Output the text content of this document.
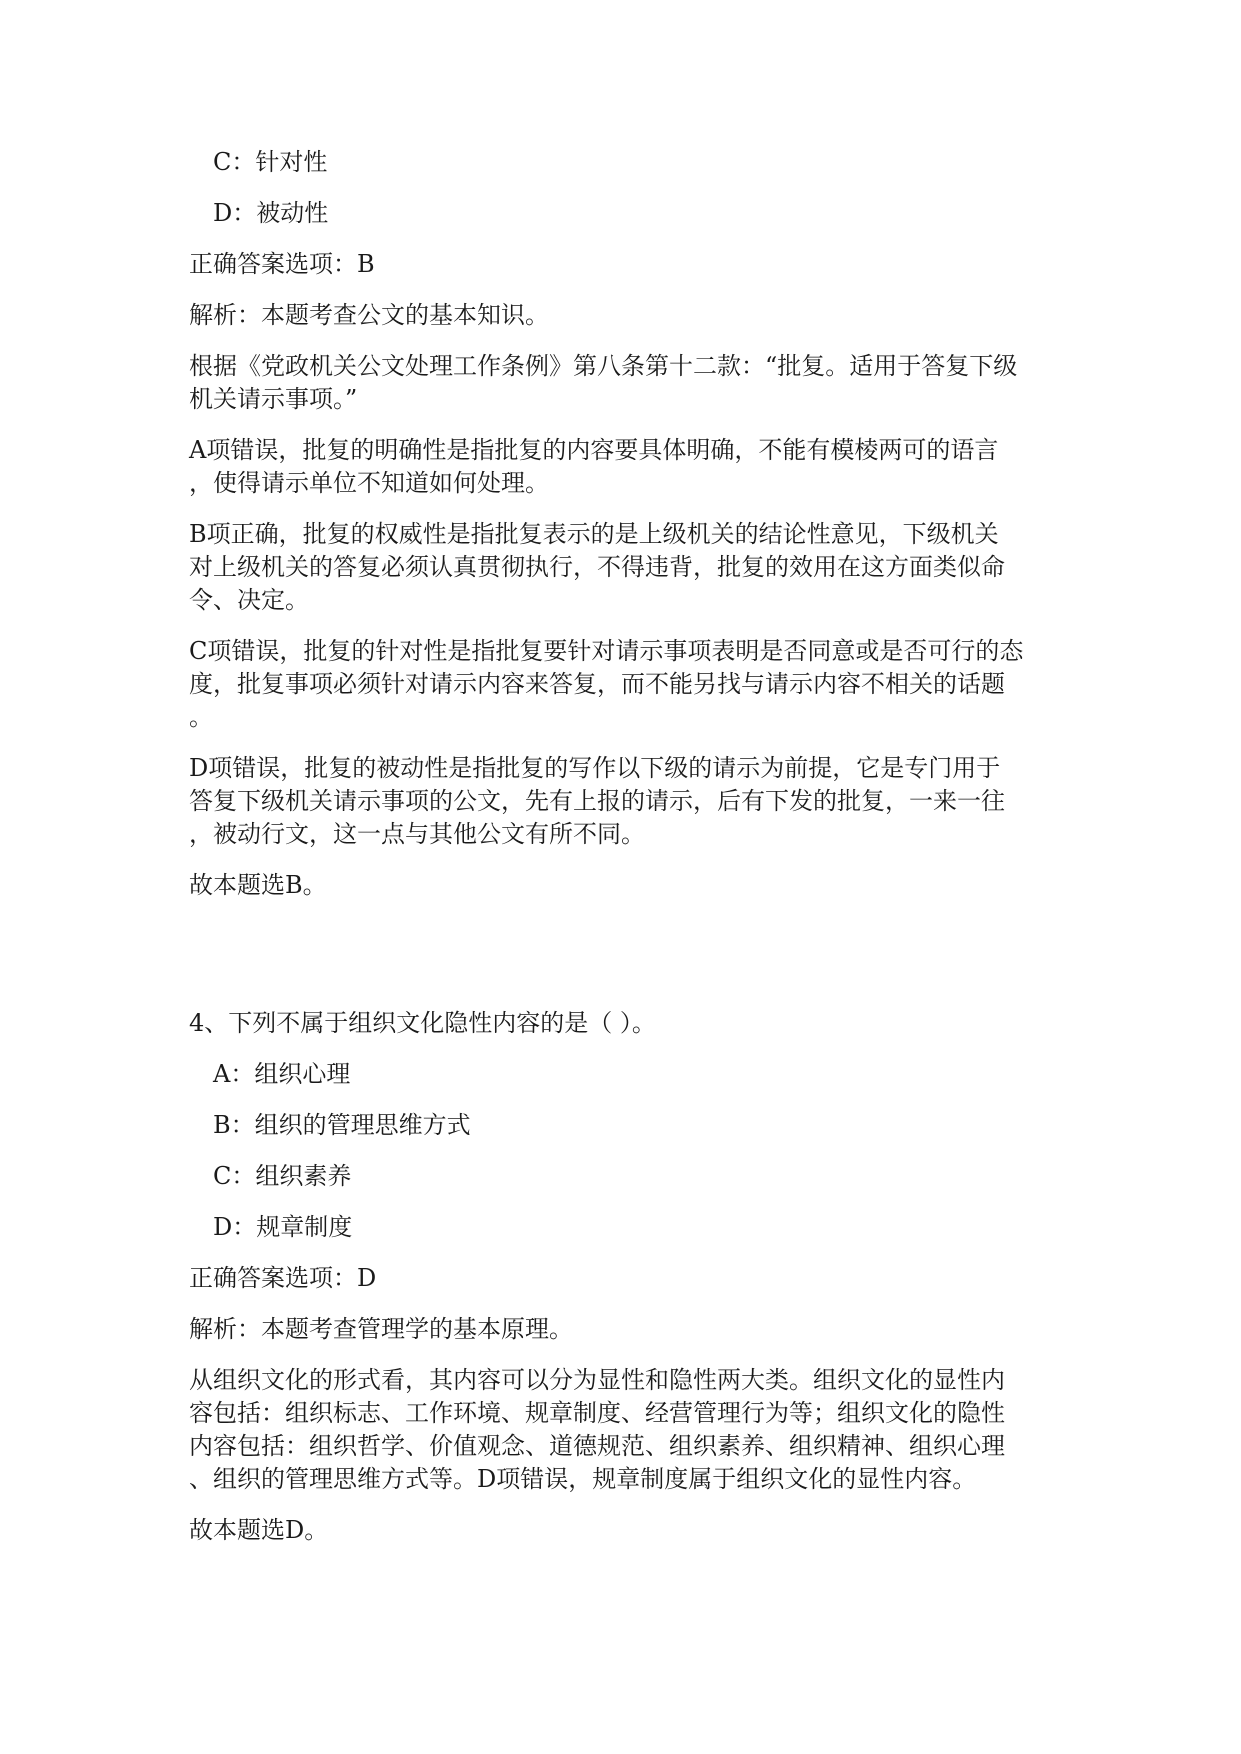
C：针对性
D：被动性
正确答案选项：B
解析：本题考查公文的基本知识。
根据《党政机关公文处理工作条例》第八条第十二款：“批复。适用于答复下级
机关请示事项。”
A项错误，批复的明确性是指批复的内容要具体明确，不能有模棱两可的语言
，使得请示单位不知道如何处理。
B项正确，批复的权威性是指批复表示的是上级机关的结论性意见，下级机关
对上级机关的答复必须认真贯彻执行，不得违背，批复的效用在这方面类似命
令、决定。
C项错误，批复的针对性是指批复要针对请示事项表明是否同意或是否可行的态
度，批复事项必须针对请示内容来答复，而不能另找与请示内容不相关的话题
。
D项错误，批复的被动性是指批复的写作以下级的请示为前提，它是专门用于
答复下级机关请示事项的公文，先有上报的请示，后有下发的批复，一来一往
，被动行文，这一点与其他公文有所不同。
故本题选B。
4、下列不属于组织文化隐性内容的是（ ）。
A：组织心理
B：组织的管理思维方式
C：组织素养
D：规章制度
正确答案选项：D
解析：本题考查管理学的基本原理。
从组织文化的形式看，其内容可以分为显性和隐性两大类。组织文化的显性内
容包括：组织标志、工作环境、规章制度、经营管理行为等；组织文化的隐性
内容包括：组织哲学、价值观念、道德规范、组织素养、组织精神、组织心理
、组织的管理思维方式等。D项错误，规章制度属于组织文化的显性内容。
故本题选D。
